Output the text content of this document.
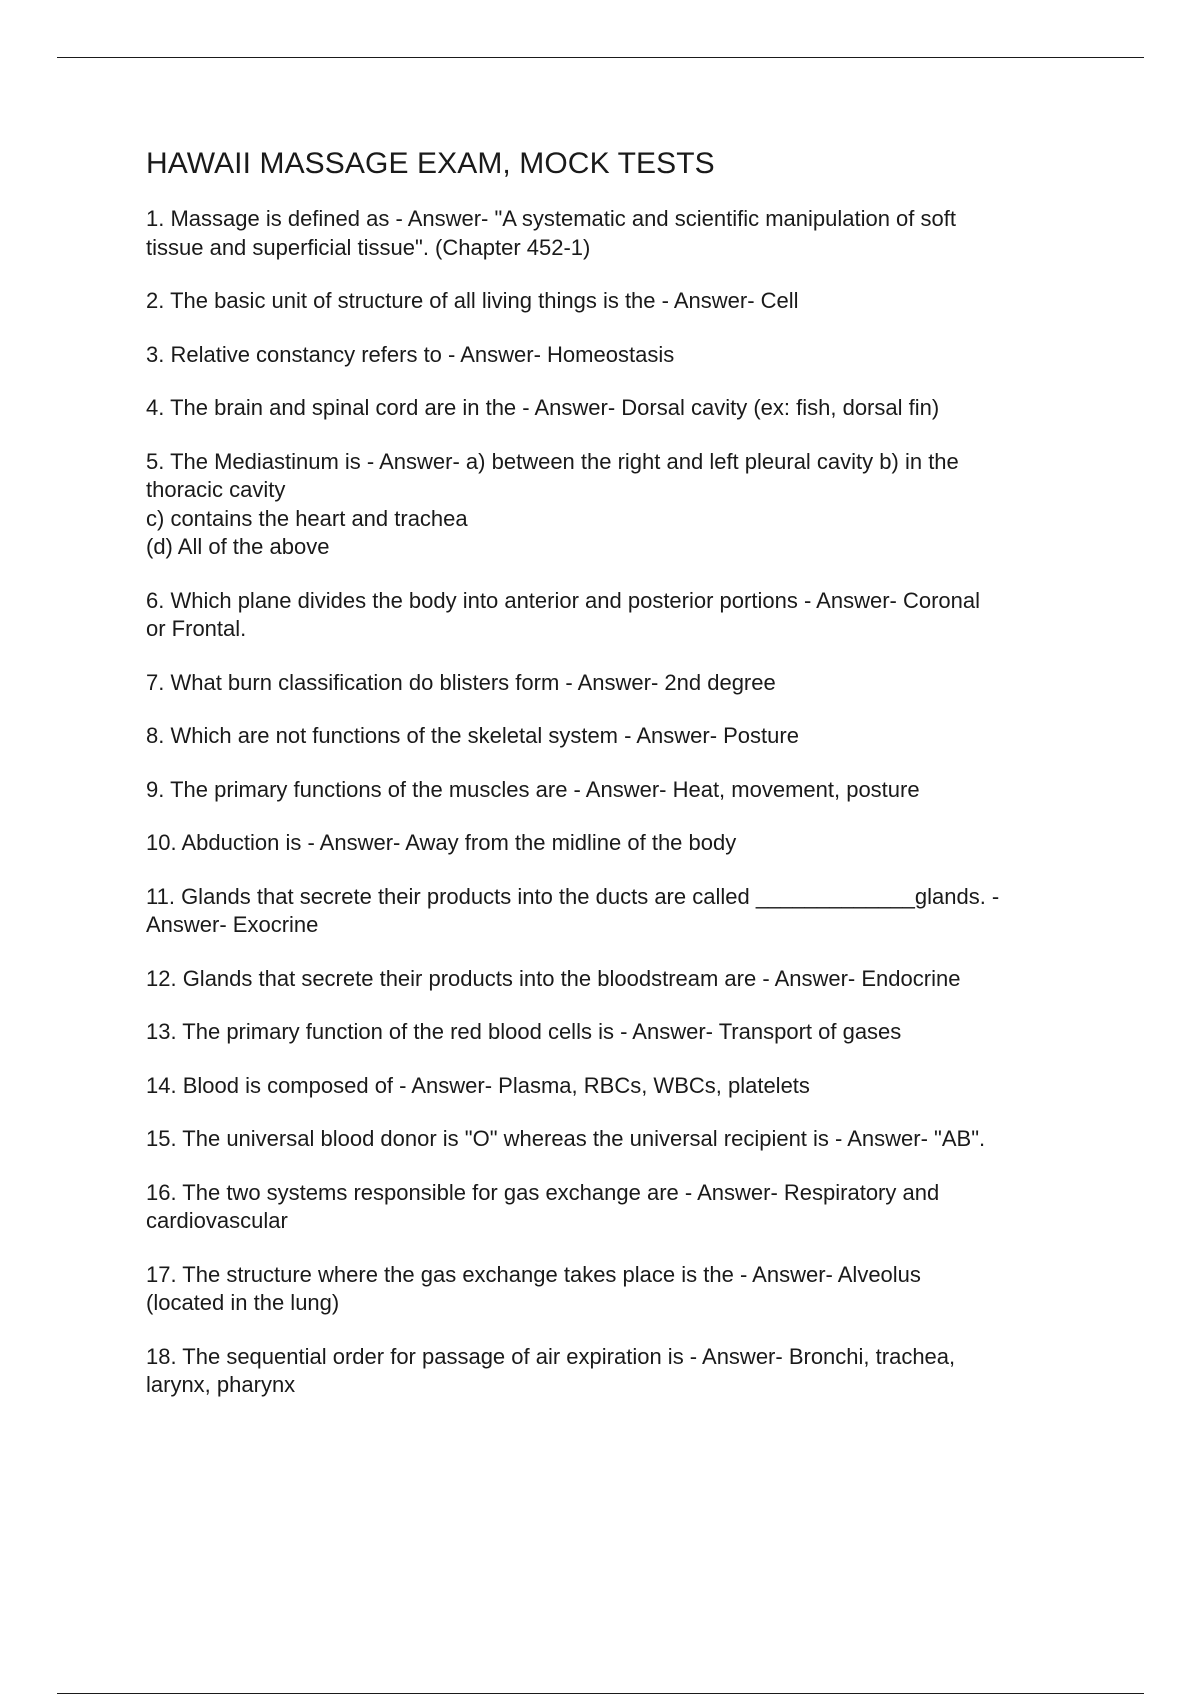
HAWAII MASSAGE EXAM, MOCK TESTS

1. Massage is defined as - Answer- "A systematic and scientific manipulation of soft
tissue and superficial tissue". (Chapter 452-1)

2. The basic unit of structure of all living things is the - Answer- Cell

3. Relative constancy refers to - Answer- Homeostasis

4. The brain and spinal cord are in the - Answer- Dorsal cavity (ex: fish, dorsal fin)

5. The Mediastinum is - Answer- a) between the right and left pleural cavity b) in the
thoracic cavity
c) contains the heart and trachea
(d) All of the above

6. Which plane divides the body into anterior and posterior portions - Answer- Coronal
or Frontal.

7. What burn classification do blisters form - Answer- 2nd degree

8. Which are not functions of the skeletal system - Answer- Posture

9. The primary functions of the muscles are - Answer- Heat, movement, posture

10. Abduction is - Answer- Away from the midline of the body

11. Glands that secrete their products into the ducts are called _____________glands. -
Answer- Exocrine

12. Glands that secrete their products into the bloodstream are - Answer- Endocrine

13. The primary function of the red blood cells is - Answer- Transport of gases

14. Blood is composed of - Answer- Plasma, RBCs, WBCs, platelets

15. The universal blood donor is "O" whereas the universal recipient is - Answer- "AB".

16. The two systems responsible for gas exchange are - Answer- Respiratory and
cardiovascular

17. The structure where the gas exchange takes place is the - Answer- Alveolus
(located in the lung)

18. The sequential order for passage of air expiration is - Answer- Bronchi, trachea,
larynx, pharynx
